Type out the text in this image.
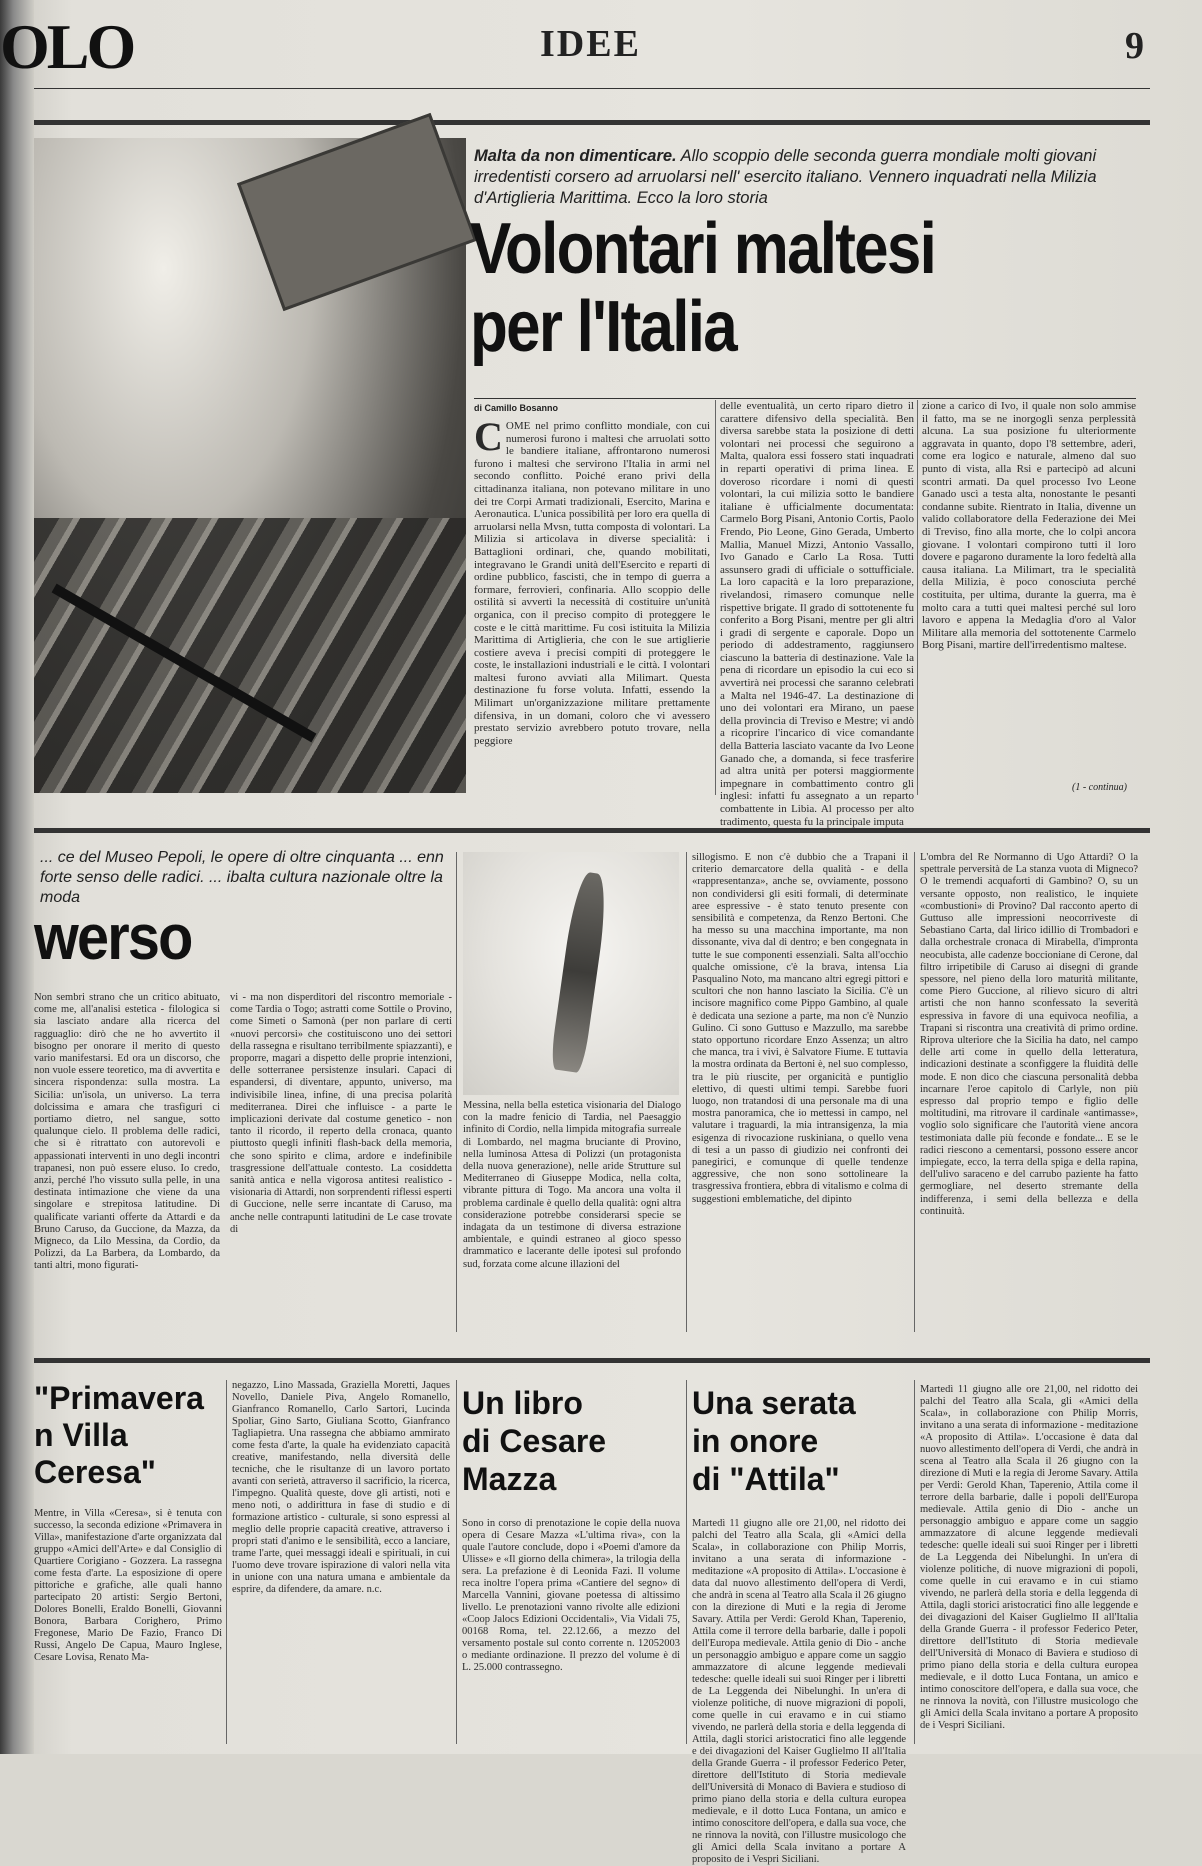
OLO	IDEE	9
Malta da non dimenticare. Allo scoppio delle seconda guerra mondiale molti giovani irredentisti corsero ad arruolarsi nell' esercito italiano. Vennero inquadrati nella Milizia d'Artiglieria Marittima. Ecco la loro storia
Volontari maltesi
per l'Italia
di Camillo Bosanno
COME nel primo conflitto mondiale, con cui numerosi furono i maltesi che arruolati sotto le bandiere italiane, affrontarono numerosi furono i maltesi che servirono l'Italia in armi nel secondo conflitto. Poiché erano privi della cittadinanza italiana, non potevano militare in uno dei tre Corpi Armati tradizionali, Esercito, Marina e Aeronautica. L'unica possibilità per loro era quella di arruolarsi nella Mvsn, tutta composta di volontari. La Milizia si articolava in diverse specialità: i Battaglioni ordinari, che, quando mobilitati, integravano le Grandi unità dell'Esercito e reparti di ordine pubblico, fascisti, che in tempo di guerra a formare, ferrovieri, confinaria. Allo scoppio delle ostilità si avvertì la necessità di costituire un'unità organica, con il preciso compito di proteggere le coste e le città marittime. Fu così istituita la Milizia Marittima di Artiglieria, che con le sue artiglierie costiere aveva i precisi compiti di proteggere le coste, le installazioni industriali e le città. I volontari maltesi furono avviati alla Milimart. Questa destinazione fu forse voluta. Infatti, essendo la Milimart un'organizzazione militare prettamente difensiva, in un domani, coloro che vi avessero prestato servizio avrebbero potuto trovare, nella peggiore
delle eventualità, un certo riparo dietro il carattere difensivo della specialità. Ben diversa sarebbe stata la posizione di detti volontari nei processi che seguirono a Malta, qualora essi fossero stati inquadrati in reparti operativi di prima linea. E doveroso ricordare i nomi di questi volontari, la cui milizia sotto le bandiere italiane è ufficialmente documentata: Carmelo Borg Pisani, Antonio Cortis, Paolo Frendo, Pio Leone, Gino Gerada, Umberto Mallia, Manuel Mizzi, Antonio Vassallo, Ivo Ganado e Carlo La Rosa. Tutti assunsero gradi di ufficiale o sottufficiale. La loro capacità e la loro preparazione, rivelandosi, rimasero comunque nelle rispettive brigate. Il grado di sottotenente fu conferito a Borg Pisani, mentre per gli altri i gradi di sergente e caporale. Dopo un periodo di addestramento, raggiunsero ciascuno la batteria di destinazione. Vale la pena di ricordare un episodio la cui eco si avvertirà nei processi che saranno celebrati a Malta nel 1946-47. La destinazione di uno dei volontari era Mirano, un paese della provincia di Treviso e Mestre; vi andò a ricoprire l'incarico di vice comandante della Batteria lasciato vacante da Ivo Leone Ganado che, a domanda, si fece trasferire ad altra unità per potersi maggiormente impegnare in combattimento contro gli inglesi: infatti fu assegnato a un reparto combattente in Libia. Al processo per alto tradimento, questa fu la principale imputa
zione a carico di Ivo, il quale non solo ammise il fatto, ma se ne inorgoglì senza perplessità alcuna. La sua posizione fu ulteriormente aggravata in quanto, dopo l'8 settembre, aderì, come era logico e naturale, almeno dal suo punto di vista, alla Rsi e partecipò ad alcuni scontri armati. Da quel processo Ivo Leone Ganado uscì a testa alta, nonostante le pesanti condanne subite. Rientrato in Italia, divenne un valido collaboratore della Federazione dei Mei di Treviso, fino alla morte, che lo colpì ancora giovane. I volontari compirono tutti il loro dovere e pagarono duramente la loro fedeltà alla causa italiana. La Milimart, tra le specialità della Milizia, è poco conosciuta perché costituita, per ultima, durante la guerra, ma è molto cara a tutti quei maltesi perché sul loro lavoro e appena la Medaglia d'oro al Valor Militare alla memoria del sottotenente Carmelo Borg Pisani, martire dell'irredentismo maltese.
(1 - continua)
... ce del Museo Pepoli, le opere di oltre cinquanta ... enn forte senso delle radici. ... ibalta cultura nazionale oltre la moda
werso
Non sembri strano che un critico abituato, come me, all'analisi estetica - filologica si sia lasciato andare alla ricerca del ragguaglio: dirò che ne ho avvertito il bisogno per onorare il merito di questo vario manifestarsi. Ed ora un discorso, che non vuole essere teoretico, ma di avvertita e sincera rispondenza: sulla mostra. La Sicilia: un'isola, un universo. La terra dolcissima e amara che trasfiguri ci portiamo dietro, nel sangue, sotto qualunque cielo. Il problema delle radici, che si è ritrattato con autorevoli e appassionati interventi in uno degli incontri trapanesi, non può essere eluso. Io credo, anzi, perché l'ho vissuto sulla pelle, in una destinata intimazione che viene da una singolare e strepitosa latitudine. Di qualificate varianti offerte da Attardi e da Bruno Caruso, da Guccione, da Mazza, da Migneco, da Lilo Messina, da Cordio, da Polizzi, da La Barbera, da Lombardo, da tanti altri, mono figurati-
vi - ma non disperditori del riscontro memoriale - come Tardia o Togo; astratti come Sottile o Provino, come Simeti o Samonà (per non parlare di certi «nuovi percorsi» che costituiscono uno dei settori della rassegna e risultano terribilmente spiazzanti), e proporre, magari a dispetto delle proprie intenzioni, delle sotterranee persistenze insulari. Capaci di espandersi, di diventare, appunto, universo, ma indivisibile linea, infine, di una precisa polarità mediterranea. Direi che influisce - a parte le implicazioni derivate dal costume genetico - non tanto il ricordo, il reperto della cronaca, quanto piuttosto quegli infiniti flash-back della memoria, che sono spirito e clima, ardore e indefinibile trasgressione dell'attuale contesto. La cosiddetta sanità antica e nella vigorosa antitesi realistico - visionaria di Attardi, non sorprendenti riflessi esperti di Guccione, nelle serre incantate di Caruso, ma anche nelle contrapunti latitudini de Le case trovate di
Messina, nella bella estetica visionaria del Dialogo con la madre fenicio di Tardia, nel Paesaggio infinito di Cordio, nella limpida mitografia surreale di Lombardo, nel magma bruciante di Provino, nella luminosa Attesa di Polizzi (un protagonista della nuova generazione), nelle aride Strutture sul Mediterraneo di Giuseppe Modica, nella colta, vibrante pittura di Togo. Ma ancora una volta il problema cardinale è quello della qualità: ogni altra considerazione potrebbe considerarsi specie se indagata da un testimone di diversa estrazione ambientale, e quindi estraneo al gioco spesso drammatico e lacerante delle ipotesi sul profondo sud, forzata come alcune illazioni del
sillogismo. E non c'è dubbio che a Trapani il criterio demarcatore della qualità - e della «rappresentanza», anche se, ovviamente, possono non condividersi gli esiti formali, di determinate aree espressive - è stato tenuto presente con sensibilità e competenza, da Renzo Bertoni. Che ha messo su una macchina importante, ma non dissonante, viva dal di dentro; e ben congegnata in tutte le sue componenti essenziali. Salta all'occhio qualche omissione, c'è la brava, intensa Lia Pasqualino Noto, ma mancano altri egregi pittori e scultori che non hanno lasciato la Sicilia. C'è un incisore magnifico come Pippo Gambino, al quale è dedicata una sezione a parte, ma non c'è Nunzio Gulino. Ci sono Guttuso e Mazzullo, ma sarebbe stato opportuno ricordare Enzo Assenza; un altro che manca, tra i vivi, è Salvatore Fiume. E tuttavia la mostra ordinata da Bertoni è, nel suo complesso, tra le più riuscite, per organicità e puntiglio elettivo, di questi ultimi tempi. Sarebbe fuori luogo, non tratandosi di una personale ma di una mostra panoramica, che io mettessi in campo, nel valutare i traguardi, la mia intransigenza, la mia esigenza di rivocazione ruskiniana, o quello vena di tesi a un passo di giudizio nei confronti dei panegirici, e comunque di quelle tendenze aggressive, che non sono sottolineare la trasgressiva frontiera, ebbra di vitalismo e colma di suggestioni emblematiche, del dipinto
L'ombra del Re Normanno di Ugo Attardi? O la spettrale perversità de La stanza vuota di Migneco? O le tremendi acquaforti di Gambino? O, su un versante opposto, non realistico, le inquiete «combustioni» di Provino? Dal racconto aperto di Guttuso alle impressioni neocorriveste di Sebastiano Carta, dal lirico idillio di Trombadori e dalla orchestrale cronaca di Mirabella, d'impronta neocubista, alle cadenze boccioniane di Cerone, dal filtro irripetibile di Caruso ai disegni di grande spessore, nel pieno della loro maturità militante, come Piero Guccione, al rilievo sicuro di altri artisti che non hanno sconfessato la severità espressiva in favore di una equivoca neofilia, a Trapani si riscontra una creatività di primo ordine. Riprova ulteriore che la Sicilia ha dato, nel campo delle arti come in quello della letteratura, indicazioni destinate a sconfiggere la fluidità delle mode. E non dico che ciascuna personalità debba incarnare l'eroe capitolo di Carlyle, non più espresso dal proprio tempo e figlio delle moltitudini, ma ritrovare il cardinale «antimasse», voglio solo significare che l'autorità viene ancora testimoniata dalle più feconde e fondate... E se le radici riescono a cementarsi, possono essere ancor impiegate, ecco, la terra della spiga e della rapina, dell'ulivo saraceno e del carrubo paziente ha fatto germogliare, nel deserto stremante della indifferenza, i semi della bellezza e della continuità.
"Primavera
n Villa
Ceresa"
Mentre, in Villa «Ceresa», si è tenuta con successo, la seconda edizione «Primavera in Villa», manifestazione d'arte organizzata dal gruppo «Amici dell'Arte» e dal Consiglio di Quartiere Corigiano - Gozzera. La rassegna come festa d'arte. La esposizione di opere pittoriche e grafiche, alle quali hanno partecipato 20 artisti: Sergio Bertoni, Dolores Bonelli, Eraldo Bonelli, Giovanni Bonora, Barbara Corighero, Primo Fregonese, Mario De Fazio, Franco Di Russi, Angelo De Capua, Mauro Inglese, Cesare Lovisa, Renato Ma-
negazzo, Lino Massada, Graziella Moretti, Jaques Novello, Daniele Piva, Angelo Romanello, Gianfranco Romanello, Carlo Sartori, Lucinda Spoliar, Gino Sarto, Giuliana Scotto, Gianfranco Tagliapietra. Una rassegna che abbiamo ammirato come festa d'arte, la quale ha evidenziato capacità creative, manifestando, nella diversità delle tecniche, che le risultanze di un lavoro portato avanti con serietà, attraverso il sacrificio, la ricerca, l'impegno. Qualità queste, dove gli artisti, noti e meno noti, o addirittura in fase di studio e di formazione artistico - culturale, si sono espressi al meglio delle proprie capacità creative, attraverso i propri stati d'animo e le sensibilità, ecco a lanciare, trame l'arte, quei messaggi ideali e spirituali, in cui l'uomo deve trovare ispirazione di valori nella vita in unione con una natura umana e ambientale da esprire, da difendere, da amare. n.c.
Un libro
di Cesare
Mazza
Sono in corso di prenotazione le copie della nuova opera di Cesare Mazza «L'ultima riva», con la quale l'autore conclude, dopo i «Poemi d'amore da Ulisse» e «Il giorno della chimera», la trilogia della sera. La prefazione è di Leonida Fazi. Il volume reca inoltre l'opera prima «Cantiere del segno» di Marcella Vannini, giovane poetessa di altissimo livello. Le prenotazioni vanno rivolte alle edizioni «Coop Jalocs Edizioni Occidentali», Via Vidali 75, 00168 Roma, tel. 22.12.66, a mezzo del versamento postale sul conto corrente n. 12052003 o mediante ordinazione. Il prezzo del volume è di L. 25.000 contrassegno.
Una serata
in onore
di "Attila"
Martedì 11 giugno alle ore 21,00, nel ridotto dei palchi del Teatro alla Scala, gli «Amici della Scala», in collaborazione con Philip Morris, invitano a una serata di informazione - meditazione «A proposito di Attila». L'occasione è data dal nuovo allestimento dell'opera di Verdi, che andrà in scena al Teatro alla Scala il 26 giugno con la direzione di Muti e la regia di Jerome Savary. Attila per Verdi: Gerold Khan, Taperenio, Attila come il terrore della barbarie, dalle i popoli dell'Europa medievale. Attila genio di Dio - anche un personaggio ambiguo e appare come un saggio ammazzatore di alcune leggende medievali tedesche: quelle ideali sui suoi Ringer per i libretti de La Leggenda dei Nibelunghi. In un'era di violenze politiche, di nuove migrazioni di popoli, come quelle in cui eravamo e in cui stiamo vivendo, ne parlerà della storia e della leggenda di Attila, dagli storici aristocratici fino alle leggende e dei divagazioni del Kaiser Guglielmo II all'Italia della Grande Guerra - il professor Federico Peter, direttore dell'Istituto di Storia medievale dell'Università di Monaco di Baviera e studioso di primo piano della storia e della cultura europea medievale, e il dotto Luca Fontana, un amico e intimo conoscitore dell'opera, e dalla sua voce, che ne rinnova la novità, con l'illustre musicologo che gli Amici della Scala invitano a portare A proposito de i Vespri Siciliani.
Martedì 11 giugno alle ore 21,00, nel ridotto dei palchi del Teatro alla Scala, gli «Amici della Scala», in collaborazione con Philip Morris, invitano a una serata di informazione - meditazione «A proposito di Attila». L'occasione è data dal nuovo allestimento dell'opera di Verdi, che andrà in scena al Teatro alla Scala il 26 giugno con la direzione di Muti e la regia di Jerome Savary. Attila per Verdi: Gerold Khan, Taperenio, Attila come il terrore della barbarie, dalle i popoli dell'Europa medievale. Attila genio di Dio - anche un personaggio ambiguo e appare come un saggio ammazzatore di alcune leggende medievali tedesche: quelle ideali sui suoi Ringer per i libretti de La Leggenda dei Nibelunghi. In un'era di violenze politiche, di nuove migrazioni di popoli, come quelle in cui eravamo e in cui stiamo vivendo, ne parlerà della storia e della leggenda di Attila, dagli storici aristocratici fino alle leggende e dei divagazioni del Kaiser Guglielmo II all'Italia della Grande Guerra - il professor Federico Peter, direttore dell'Istituto di Storia medievale dell'Università di Monaco di Baviera e studioso di primo piano della storia e della cultura europea medievale, e il dotto Luca Fontana, un amico e intimo conoscitore dell'opera, e dalla sua voce, che ne rinnova la novità, con l'illustre musicologo che gli Amici della Scala invitano a portare A proposito de i Vespri Siciliani.
